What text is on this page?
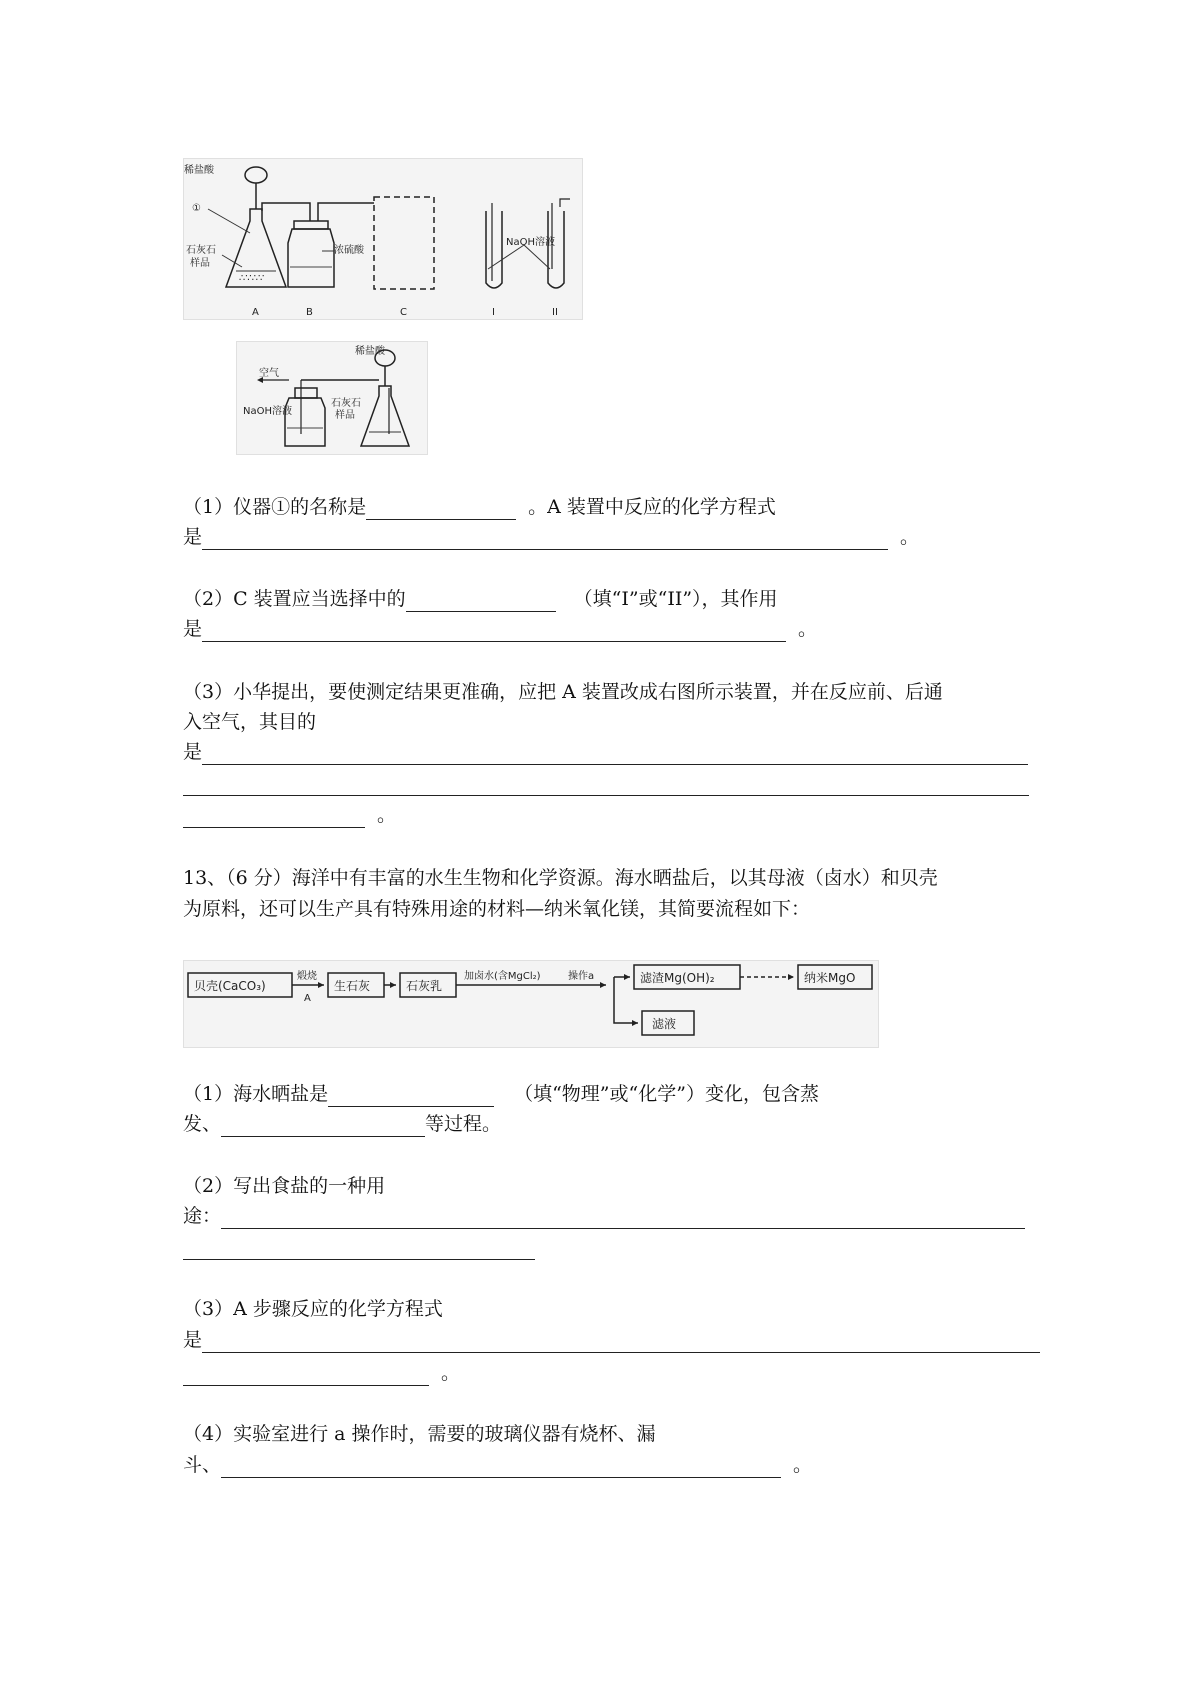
∴∵∴∵
稀盐酸
①
石灰石
样品
浓硫酸
NaOH溶液
A	B	C	I	II
稀盐酸
空气
NaOH溶液
石灰石
样品
（1）仪器①的名称是	。A 装置中反应的化学方程式
是	。
（2）C 装置应当选择中的	（填“I”或“II”），其作用
是	。
（3）小华提出，要使测定结果更准确，应把 A 装置改成右图所示装置，并在反应前、后通
入空气，其目的
是
。
13、（6 分）海洋中有丰富的水生生物和化学资源。海水晒盐后，以其母液（卤水）和贝壳
为原料，还可以生产具有特殊用途的材料—纳米氧化镁，其简要流程如下：
贝壳(CaCO₃)
煅烧
A
生石灰	石灰乳
加卤水(含MgCl₂)	操作a	滤渣Mg(OH)₂	纳米MgO
滤液
（1）海水晒盐是	（填“物理”或“化学”）变化，包含蒸
发、	等过程。
（2）写出食盐的一种用
途：
（3）A 步骤反应的化学方程式
是
。
（4）实验室进行 a 操作时，需要的玻璃仪器有烧杯、漏
斗、	。
